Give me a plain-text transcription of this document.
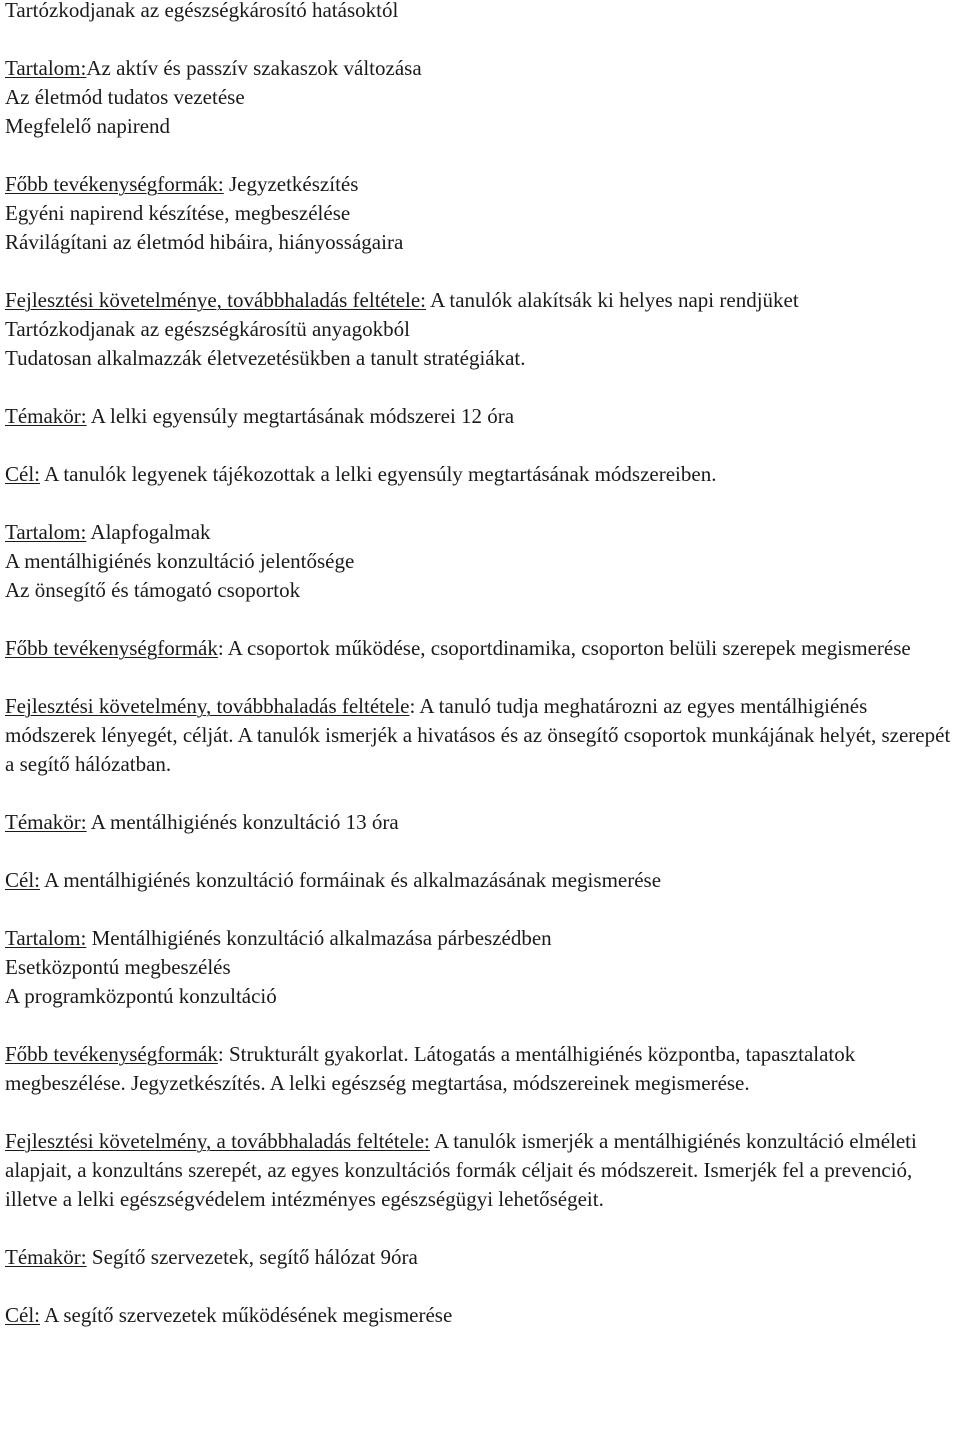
Tartózkodjanak az egészségkárosító hatásoktól
Tartalom:Az aktív és passzív szakaszok változása
Az életmód tudatos vezetése
Megfelelő napirend
Főbb tevékenységformák: Jegyzetkészítés
Egyéni napirend készítése, megbeszélése
Rávilágítani az életmód hibáira, hiányosságaira
Fejlesztési követelménye, továbbhaladás feltétele: A tanulók alakítsák ki helyes napi rendjüket
Tartózkodjanak az egészségkárosítü anyagokból
Tudatosan alkalmazzák életvezetésükben a tanult stratégiákat.
Témakör: A lelki egyensúly megtartásának módszerei 12 óra
Cél: A tanulók legyenek tájékozottak a lelki egyensúly megtartásának módszereiben.
Tartalom: Alapfogalmak
A mentálhigiénés konzultáció jelentősége
Az önsegítő és támogató csoportok
Főbb tevékenységformák: A csoportok működése, csoportdinamika, csoporton belüli szerepek megismerése
Fejlesztési követelmény, továbbhaladás feltétele: A tanuló tudja meghatározni az egyes mentálhigiénés módszerek lényegét, célját. A tanulók ismerjék a hivatásos és az önsegítő csoportok munkájának helyét, szerepét a segítő hálózatban.
Témakör: A mentálhigiénés konzultáció 13 óra
Cél: A mentálhigiénés konzultáció formáinak és alkalmazásának megismerése
Tartalom: Mentálhigiénés konzultáció alkalmazása párbeszédben
Esetközpontú megbeszélés
A programközpontú konzultáció
Főbb tevékenységformák: Strukturált gyakorlat. Látogatás a mentálhigiénés központba, tapasztalatok megbeszélése. Jegyzetkészítés. A lelki egészség megtartása, módszereinek megismerése.
Fejlesztési követelmény, a továbbhaladás feltétele: A tanulók ismerjék a mentálhigiénés konzultáció elméleti alapjait, a konzultáns szerepét, az egyes konzultációs formák céljait és módszereit. Ismerjék fel a prevenció, illetve a lelki egészségvédelem intézményes egészségügyi lehetőségeit.
Témakör: Segítő szervezetek, segítő hálózat 9óra
Cél: A segítő szervezetek működésének megismerése
